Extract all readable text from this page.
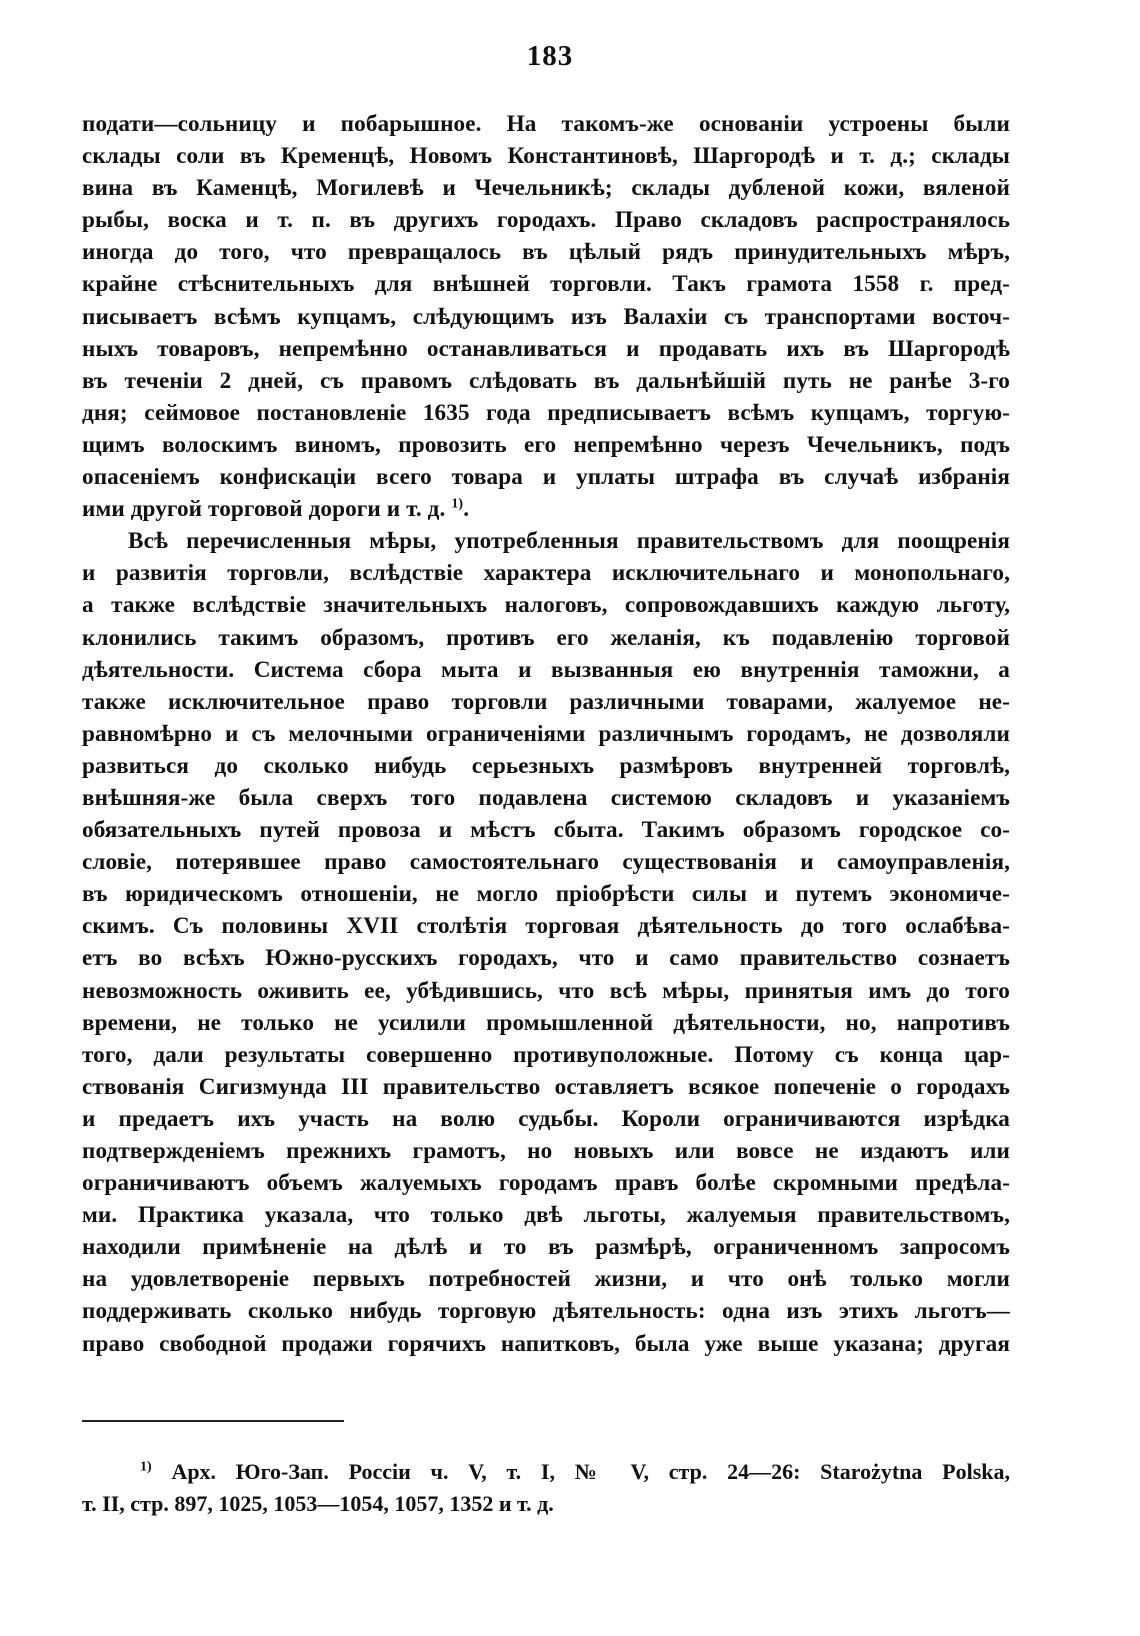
183
подати—сольницу и побарышное. На такомъ-же основаніи устроены были
склады соли въ Кременцѣ, Новомъ Константиновѣ, Шаргородѣ и т. д.; склады
вина въ Каменцѣ, Могилевѣ и Чечельникѣ; склады дубленой кожи, вяленой
рыбы, воска и т. п. въ другихъ городахъ. Право складовъ распространялось
иногда до того, что превращалось въ цѣлый рядъ принудительныхъ мѣръ,
крайне стѣснительныхъ для внѣшней торговли. Такъ грамота 1558 г. пред-
писываетъ всѣмъ купцамъ, слѣдующимъ изъ Валахіи съ транспортами восточ-
ныхъ товаровъ, непремѣнно останавливаться и продавать ихъ въ Шаргородѣ
въ теченіи 2 дней, съ правомъ слѣдовать въ дальнѣйшій путь не ранѣе 3-го
дня; сеймовое постановленіе 1635 года предписываетъ всѣмъ купцамъ, торгую-
щимъ волоскимъ виномъ, провозить его непремѣнно черезъ Чечельникъ, подъ
опасеніемъ конфискаціи всего товара и уплаты штрафа въ случаѣ избранія
ими другой торговой дороги и т. д. $^{1)}$.
Всѣ перечисленныя мѣры, употребленныя правительствомъ для поощренія
и развитія торговли, вслѣдствіе характера исключительнаго и монопольнаго,
а также вслѣдствіе значительныхъ налоговъ, сопровождавшихъ каждую льготу,
клонились такимъ образомъ, противъ его желанія, къ подавленію торговой
дѣятельности. Система сбора мыта и вызванныя ею внутреннія таможни, а
также исключительное право торговли различными товарами, жалуемое не-
равномѣрно и съ мелочными ограниченіями различнымъ городамъ, не дозволяли
развиться до сколько нибудь серьезныхъ размѣровъ внутренней торговлѣ,
внѣшняя-же была сверхъ того подавлена системою складовъ и указаніемъ
обязательныхъ путей провоза и мѣстъ сбыта. Такимъ образомъ городское со-
словіе, потерявшее право самостоятельнаго существованія и самоуправленія,
въ юридическомъ отношеніи, не могло пріобрѣсти силы и путемъ экономиче-
скимъ. Съ половины XVII столѣтія торговая дѣятельность до того ослабѣва-
етъ во всѣхъ Южно-русскихъ городахъ, что и само правительство сознаетъ
невозможность оживить ее, убѣдившись, что всѣ мѣры, принятыя имъ до того
времени, не только не усилили промышленной дѣятельности, но, напротивъ
того, дали результаты совершенно противуположные. Потому съ конца цар-
ствованія Сигизмунда III правительство оставляетъ всякое попеченіе о городахъ
и предаетъ ихъ участь на волю судьбы. Короли ограничиваются изрѣдка
подтвержденіемъ прежнихъ грамотъ, но новыхъ или вовсе не издаютъ или
ограничиваютъ объемъ жалуемыхъ городамъ правъ болѣе скромными предѣла-
ми. Практика указала, что только двѣ льготы, жалуемыя правительствомъ,
находили примѣненіе на дѣлѣ и то въ размѣрѣ, ограниченномъ запросомъ
на удовлетвореніе первыхъ потребностей жизни, и что онѣ только могли
поддерживать сколько нибудь торговую дѣятельность: одна изъ этихъ льготъ—
право свободной продажи горячихъ напитковъ, была уже выше указана; другая
$^{1)}$ Арх. Юго-Зап. Россіи ч. V, т. I, № V, стр. 24—26: Starożytna Polska,
т. II, стр. 897, 1025, 1053—1054, 1057, 1352 и т. д.
